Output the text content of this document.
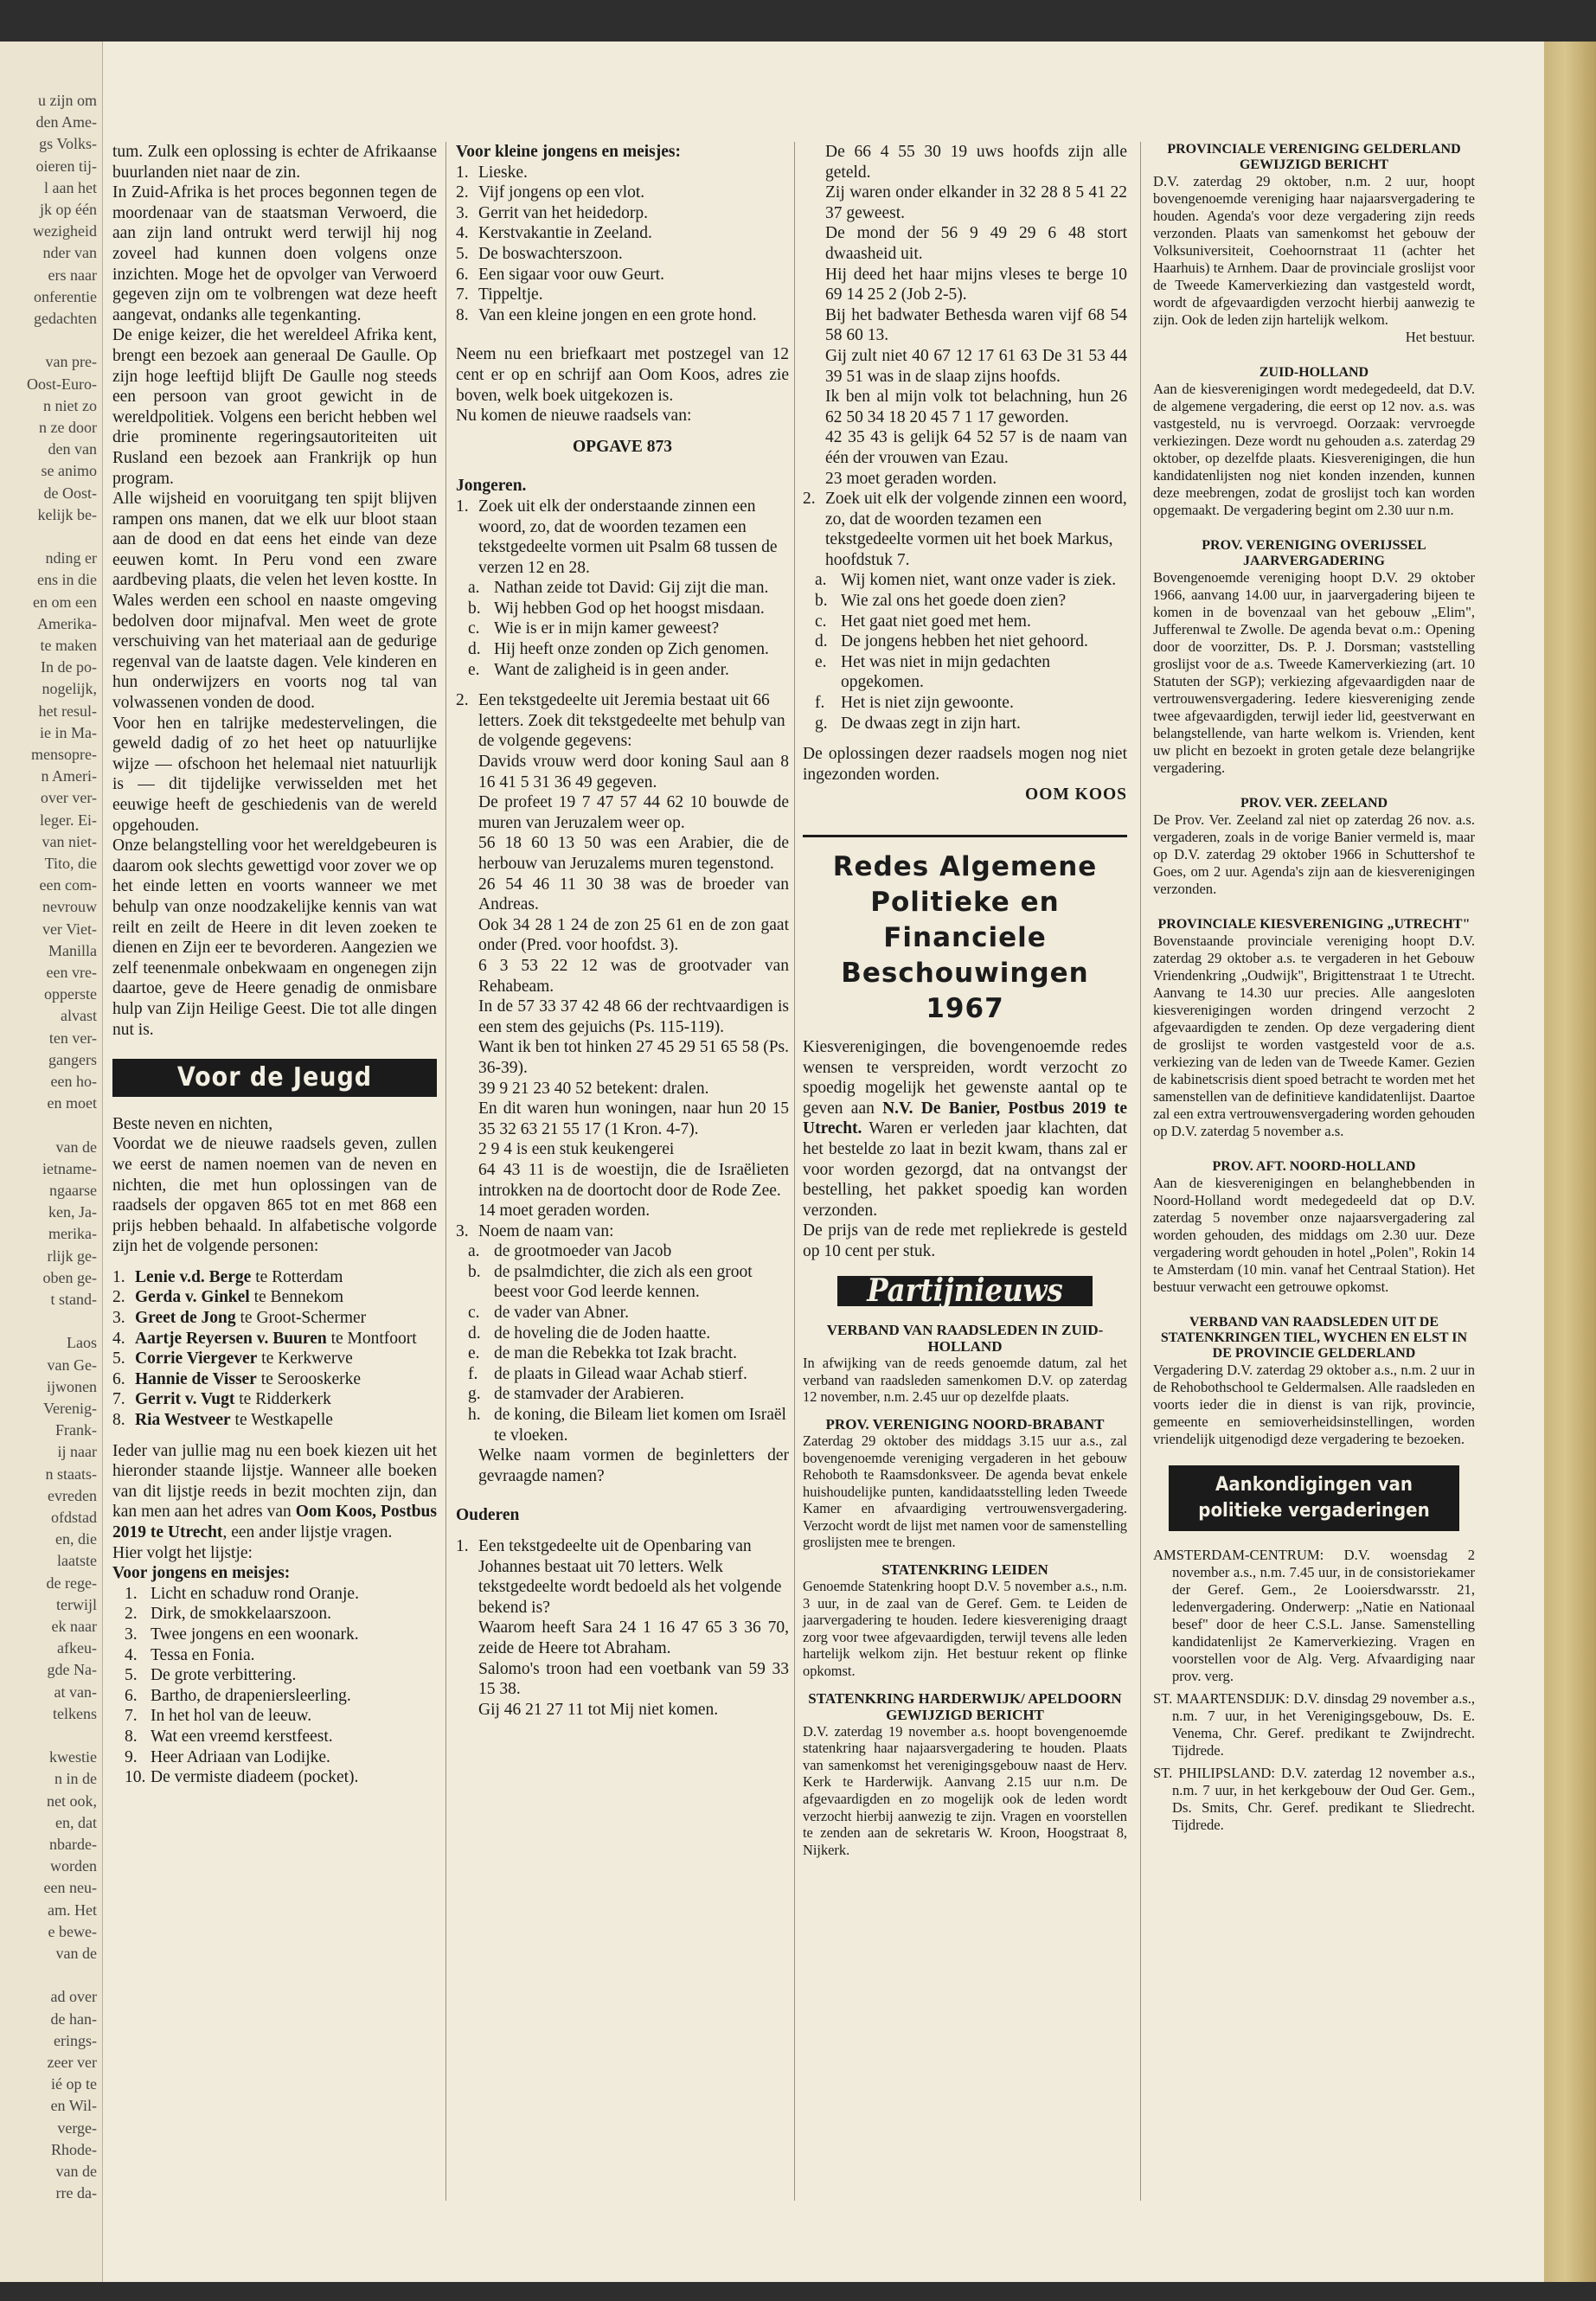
u zijn om
den Ame-
gs Volks-
oieren tij-
l aan het
jk op één
wezigheid
nder van
ers naar
onferentie
gedachten
van pre-
Oost-Euro-
n niet zo
n ze door
den van
se animo
de Oost-
kelijk be-
nding er
ens in die
en om een
Amerika-
te maken
In de po-
nogelijk,
het resul-
ie in Ma-
mensopre-
n Ameri-
over ver-
leger. Ei-
van niet-
Tito, die
een com-
nevrouw
ver Viet-
Manilla
een vre-
opperste
alvast
ten ver-
gangers
een ho-
en moet
van de
ietname-
ngaarse
ken, Ja-
merika-
rlijk ge-
oben ge-
t stand-
Laos
van Ge-
ijwonen
Verenig-
Frank-
ij naar
n staats-
evreden
ofdstad
en, die
laatste
de rege-
terwijl
ek naar
afkeu-
gde Na-
at van-
telkens
kwestie
n in de
net ook,
en, dat
nbarde-
worden
een neu-
am. Het
e bewe-
van de
ad over
de han-
erings-
zeer ver
ié op te
en Wil-
verge-
Rhode-
van de
rre da-

tum. Zulk een oplossing is echter de Afrikaanse buurlanden niet naar de zin.

In Zuid-Afrika is het proces begonnen tegen de moordenaar van de staatsman Verwoerd, die aan zijn land ontrukt werd terwijl hij nog zoveel had kunnen doen volgens onze inzichten. Moge het de opvolger van Verwoerd gegeven zijn om te volbrengen wat deze heeft aangevat, ondanks alle tegenkanting.

De enige keizer, die het wereldeel Afrika kent, brengt een bezoek aan generaal De Gaulle. Op zijn hoge leeftijd blijft De Gaulle nog steeds een persoon van groot gewicht in de wereldpolitiek. Volgens een bericht hebben wel drie prominente regeringsautoriteiten uit Rusland een bezoek aan Frankrijk op hun program.

Alle wijsheid en vooruitgang ten spijt blijven rampen ons manen, dat we elk uur bloot staan aan de dood en dat eens het einde van deze eeuwen komt. In Peru vond een zware aardbeving plaats, die velen het leven kostte. In Wales werden een school en naaste omgeving bedolven door mijnafval. Men weet de grote verschuiving van het materiaal aan de gedurige regenval van de laatste dagen. Vele kinderen en hun onderwijzers en voorts nog tal van volwassenen vonden de dood.

Voor hen en talrijke medestervelingen, die geweld dadig of zo het heet op natuurlijke wijze — ofschoon het helemaal niet natuurlijk is — dit tijdelijke verwisselden met het eeuwige heeft de geschiedenis van de wereld opgehouden.

Onze belangstelling voor het wereldgebeuren is daarom ook slechts gewettigd voor zover we op het einde letten en voorts wanneer we met behulp van onze noodzakelijke kennis van wat reilt en zeilt de Heere in dit leven zoeken te dienen en Zijn eer te bevorderen. Aangezien we zelf teenenmale onbekwaam en ongenegen zijn daartoe, geve de Heere genadig de onmisbare hulp van Zijn Heilige Geest. Die tot alle dingen nut is.

Voor de Jeugd

Beste neven en nichten,

Voordat we de nieuwe raadsels geven, zullen we eerst de namen noemen van de neven en nichten, die met hun oplossingen van de raadsels der opgaven 865 tot en met 868 een prijs hebben behaald. In alfabetische volgorde zijn het de volgende personen:

1. Lenie v.d. Berge te Rotterdam
2. Gerda v. Ginkel te Bennekom
3. Greet de Jong te Groot-Schermer
4. Aartje Reyersen v. Buuren te Montfoort
5. Corrie Viergever te Kerkwerve
6. Hannie de Visser te Serooskerke
7. Gerrit v. Vugt te Ridderkerk
8. Ria Westveer te Westkapelle

Ieder van jullie mag nu een boek kiezen uit het hieronder staande lijstje. Wanneer alle boeken van dit lijstje reeds in bezit mochten zijn, dan kan men aan het adres van Oom Koos, Postbus 2019 te Utrecht, een ander lijstje vragen.

Hier volgt het lijstje:

Voor jongens en meisjes:

1. Licht en schaduw rond Oranje.
2. Dirk, de smokkelaarszoon.
3. Twee jongens en een woonark.
4. Tessa en Fonia.
5. De grote verbittering.
6. Bartho, de drapeniersleerling.
7. In het hol van de leeuw.
8. Wat een vreemd kerstfeest.
9. Heer Adriaan van Lodijke.
10. De vermiste diadeem (pocket).

Voor kleine jongens en meisjes:

1. Lieske.
2. Vijf jongens op een vlot.
3. Gerrit van het heidedorp.
4. Kerstvakantie in Zeeland.
5. De boswachterszoon.
6. Een sigaar voor ouw Geurt.
7. Tippeltje.
8. Van een kleine jongen en een grote hond.

Neem nu een briefkaart met postzegel van 12 cent er op en schrijf aan Oom Koos, adres zie boven, welk boek uitgekozen is.

Nu komen de nieuwe raadsels van:

OPGAVE 873

Jongeren.

1. Zoek uit elk der onderstaande zinnen een woord, zo, dat de woorden tezamen een tekstgedeelte vormen uit Psalm 68 tussen de verzen 12 en 28.
a. Nathan zeide tot David: Gij zijt die man.
b. Wij hebben God op het hoogst misdaan.
c. Wie is er in mijn kamer geweest?
d. Hij heeft onze zonden op Zich genomen.
e. Want de zaligheid is in geen ander.
2. Een tekstgedeelte uit Jeremia bestaat uit 66 letters. Zoek dit tekstgedeelte met behulp van de volgende gegevens:

Davids vrouw werd door koning Saul aan 8 16 41 5 31 36 49 gegeven.

De profeet 19 7 47 57 44 62 10 bouwde de muren van Jeruzalem weer op.

56 18 60 13 50 was een Arabier, die de herbouw van Jeruzalems muren tegenstond.

26 54 46 11 30 38 was de broeder van Andreas.

Ook 34 28 1 24 de zon 25 61 en de zon gaat onder (Pred. voor hoofdst. 3).

6 3 53 22 12 was de grootvader van Rehabeam.

In de 57 33 37 42 48 66 der rechtvaardigen is een stem des gejuichs (Ps. 115-119).

Want ik ben tot hinken 27 45 29 51 65 58 (Ps. 36-39).

39 9 21 23 40 52 betekent: dralen.

En dit waren hun woningen, naar hun 20 15 35 32 63 21 55 17 (1 Kron. 4-7).

2 9 4 is een stuk keukengerei

64 43 11 is de woestijn, die de Israëlieten introkken na de doortocht door de Rode Zee.

14 moet geraden worden.

3. Noem de naam van:
a. de grootmoeder van Jacob
b. de psalmdichter, die zich als een groot beest voor God leerde kennen.
c. de vader van Abner.
d. de hoveling die de Joden haatte.
e. de man die Rebekka tot Izak bracht.
f. de plaats in Gilead waar Achab stierf.
g. de stamvader der Arabieren.
h. de koning, die Bileam liet komen om Israël te vloeken.

Welke naam vormen de beginletters der gevraagde namen?

Ouderen

1. Een tekstgedeelte uit de Openbaring van Johannes bestaat uit 70 letters. Welk tekstgedeelte wordt bedoeld als het volgende bekend is?

Waarom heeft Sara 24 1 16 47 65 3 36 70, zeide de Heere tot Abraham.

Salomo's troon had een voetbank van 59 33 15 38.

Gij 46 21 27 11 tot Mij niet komen.

De 66 4 55 30 19 uws hoofds zijn alle geteld.

Zij waren onder elkander in 32 28 8 5 41 22 37 geweest.

De mond der 56 9 49 29 6 48 stort dwaasheid uit.

Hij deed het haar mijns vleses te berge 10 69 14 25 2 (Job 2-5).

Bij het badwater Bethesda waren vijf 68 54 58 60 13.

Gij zult niet 40 67 12 17 61 63 De 31 53 44 39 51 was in de slaap zijns hoofds.

Ik ben al mijn volk tot belachning, hun 26 62 50 34 18 20 45 7 1 17 geworden.

42 35 43 is gelijk 64 52 57 is de naam van één der vrouwen van Ezau.

23 moet geraden worden.

2. Zoek uit elk der volgende zinnen een woord, zo, dat de woorden tezamen een tekstgedeelte vormen uit het boek Markus, hoofdstuk 7.
a. Wij komen niet, want onze vader is ziek.
b. Wie zal ons het goede doen zien?
c. Het gaat niet goed met hem.
d. De jongens hebben het niet gehoord.
e. Het was niet in mijn gedachten opgekomen.
f. Het is niet zijn gewoonte.
g. De dwaas zegt in zijn hart.

De oplossingen dezer raadsels mogen nog niet ingezonden worden.

OOM KOOS

Redes Algemene Politieke en Financiele Beschouwingen 1967

Kiesverenigingen, die bovengenoemde redes wensen te verspreiden, wordt verzocht zo spoedig mogelijk het gewenste aantal op te geven aan N.V. De Banier, Postbus 2019 te Utrecht. Waren er verleden jaar klachten, dat het bestelde zo laat in bezit kwam, thans zal er voor worden gezorgd, dat na ontvangst der bestelling, het pakket spoedig kan worden verzonden.

De prijs van de rede met repliekrede is gesteld op 10 cent per stuk.

Partijnieuws
VERBAND VAN RAADSLEDEN IN ZUID-HOLLAND

In afwijking van de reeds genoemde datum, zal het verband van raadsleden samenkomen D.V. op zaterdag 12 november, n.m. 2.45 uur op dezelfde plaats.

PROV. VERENIGING NOORD-BRABANT

Zaterdag 29 oktober des middags 3.15 uur a.s., zal bovengenoemde vereniging vergaderen in het gebouw Rehoboth te Raamsdonksveer. De agenda bevat enkele huishoudelijke punten, kandidaatsstelling leden Tweede Kamer en afvaardiging vertrouwensvergadering. Verzocht wordt de lijst met namen voor de samenstelling groslijsten mee te brengen.

STATENKRING LEIDEN

Genoemde Statenkring hoopt D.V. 5 november a.s., n.m. 3 uur, in de zaal van de Geref. Gem. te Leiden de jaarvergadering te houden. Iedere kiesvereniging draagt zorg voor twee afgevaardigden, terwijl tevens alle leden hartelijk welkom zijn. Het bestuur rekent op flinke opkomst.

STATENKRING HARDERWIJK/ APELDOORN GEWIJZIGD BERICHT

D.V. zaterdag 19 november a.s. hoopt bovengenoemde statenkring haar najaarsvergadering te houden. Plaats van samenkomst het verenigingsgebouw naast de Herv. Kerk te Harderwijk. Aanvang 2.15 uur n.m. De afgevaardigden en zo mogelijk ook de leden wordt verzocht hierbij aanwezig te zijn. Vragen en voorstellen te zenden aan de sekretaris W. Kroon, Hoogstraat 8, Nijkerk.

PROVINCIALE VERENIGING GELDERLAND GEWIJZIGD BERICHT

D.V. zaterdag 29 oktober, n.m. 2 uur, hoopt bovengenoemde vereniging haar najaarsvergadering te houden. Agenda's voor deze vergadering zijn reeds verzonden. Plaats van samenkomst het gebouw der Volksuniversiteit, Coehoornstraat 11 (achter het Haarhuis) te Arnhem. Daar de provinciale groslijst voor de Tweede Kamerverkiezing dan vastgesteld wordt, wordt de afgevaardigden verzocht hierbij aanwezig te zijn. Ook de leden zijn hartelijk welkom.

Het bestuur.

ZUID-HOLLAND

Aan de kiesverenigingen wordt medegedeeld, dat D.V. de algemene vergadering, die eerst op 12 nov. a.s. was vastgesteld, nu is vervroegd. Oorzaak: vervroegde verkiezingen. Deze wordt nu gehouden a.s. zaterdag 29 oktober, op dezelfde plaats. Kiesverenigingen, die hun kandidatenlijsten nog niet konden inzenden, kunnen deze meebrengen, zodat de groslijst toch kan worden opgemaakt. De vergadering begint om 2.30 uur n.m.

PROV. VERENIGING OVERIJSSEL JAARVERGADERING

Bovengenoemde vereniging hoopt D.V. 29 oktober 1966, aanvang 14.00 uur, in jaarvergadering bijeen te komen in de bovenzaal van het gebouw „Elim", Jufferenwal te Zwolle. De agenda bevat o.m.: Opening door de voorzitter, Ds. P. J. Dorsman; vaststelling groslijst voor de a.s. Tweede Kamerverkiezing (art. 10 Statuten der SGP); verkiezing afgevaardigden naar de vertrouwensvergadering. Iedere kiesvereniging zende twee afgevaardigden, terwijl ieder lid, geestverwant en belangstellende, van harte welkom is. Vrienden, kent uw plicht en bezoekt in groten getale deze belangrijke vergadering.

PROV. VER. ZEELAND

De Prov. Ver. Zeeland zal niet op zaterdag 26 nov. a.s. vergaderen, zoals in de vorige Banier vermeld is, maar op D.V. zaterdag 29 oktober 1966 in Schuttershof te Goes, om 2 uur. Agenda's zijn aan de kiesverenigingen verzonden.

PROVINCIALE KIESVERENIGING „UTRECHT"

Bovenstaande provinciale vereniging hoopt D.V. zaterdag 29 oktober a.s. te vergaderen in het Gebouw Vriendenkring „Oudwijk", Brigittenstraat 1 te Utrecht. Aanvang te 14.30 uur precies. Alle aangesloten kiesverenigingen worden dringend verzocht 2 afgevaardigden te zenden. Op deze vergadering dient de groslijst te worden vastgesteld voor de a.s. verkiezing van de leden van de Tweede Kamer. Gezien de kabinetscrisis dient spoed betracht te worden met het samenstellen van de definitieve kandidatenlijst. Daartoe zal een extra vertrouwensvergadering worden gehouden op D.V. zaterdag 5 november a.s.

PROV. AFT. NOORD-HOLLAND

Aan de kiesverenigingen en belanghebbenden in Noord-Holland wordt medegedeeld dat op D.V. zaterdag 5 november onze najaarsvergadering zal worden gehouden, des middags om 2.30 uur. Deze vergadering wordt gehouden in hotel „Polen", Rokin 14 te Amsterdam (10 min. vanaf het Centraal Station). Het bestuur verwacht een getrouwe opkomst.

VERBAND VAN RAADSLEDEN UIT DE STATENKRINGEN TIEL, WYCHEN EN ELST IN DE PROVINCIE GELDERLAND

Vergadering D.V. zaterdag 29 oktober a.s., n.m. 2 uur in de Rehobothschool te Geldermalsen. Alle raadsleden en voorts ieder die in dienst is van rijk, provincie, gemeente en semioverheidsinstellingen, worden vriendelijk uitgenodigd deze vergadering te bezoeken.

Aankondigingen van
politieke vergaderingen

AMSTERDAM-CENTRUM: D.V. woensdag 2 november a.s., n.m. 7.45 uur, in de consistoriekamer der Geref. Gem., 2e Looiersdwarsstr. 21, ledenvergadering. Onderwerp: „Natie en Nationaal besef" door de heer C.S.L. Janse. Samenstelling kandidatenlijst 2e Kamerverkiezing. Vragen en voorstellen voor de Alg. Verg. Afvaardiging naar prov. verg.

ST. MAARTENSDIJK: D.V. dinsdag 29 november a.s., n.m. 7 uur, in het Verenigingsgebouw, Ds. E. Venema, Chr. Geref. predikant te Zwijndrecht. Tijdrede.

ST. PHILIPSLAND: D.V. zaterdag 12 november a.s., n.m. 7 uur, in het kerkgebouw der Oud Ger. Gem., Ds. Smits, Chr. Geref. predikant te Sliedrecht. Tijdrede.
